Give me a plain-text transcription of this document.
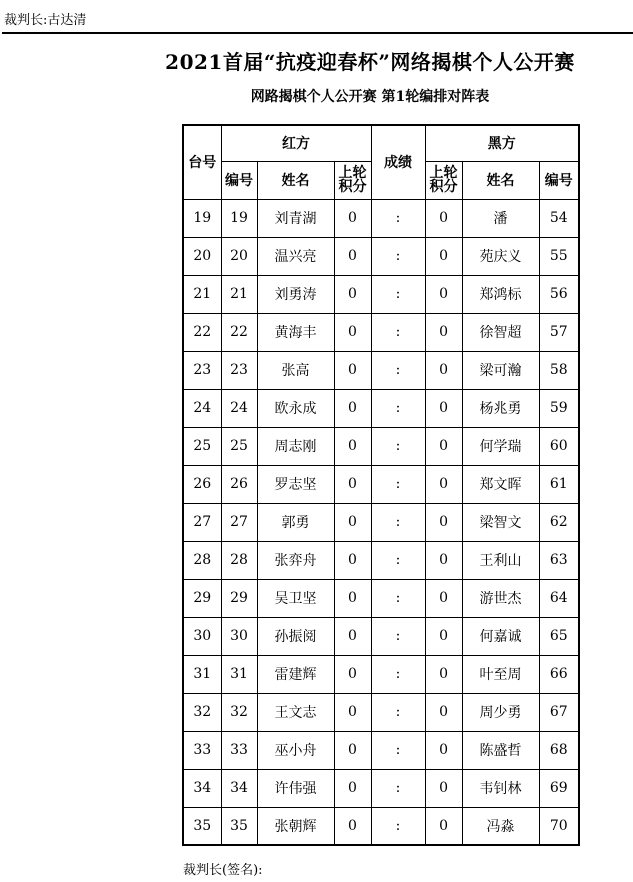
裁判长:古达清
2021首届“抗疫迎春杯”网络揭棋个人公开赛
网路揭棋个人公开赛 第1轮编排对阵表
台号	红方			成绩	黑方		
	编号	姓名	上轮积分		上轮积分	姓名	编号
19	19	刘青湖	0	:	0	潘	54
20	20	温兴亮	0	:	0	苑庆义	55
21	21	刘勇涛	0	:	0	郑鸿标	56
22	22	黄海丰	0	:	0	徐智超	57
23	23	张高	0	:	0	梁可瀚	58
24	24	欧永成	0	:	0	杨兆勇	59
25	25	周志刚	0	:	0	何学瑞	60
26	26	罗志坚	0	:	0	郑文晖	61
27	27	郭勇	0	:	0	梁智文	62
28	28	张弈舟	0	:	0	王利山	63
29	29	吴卫坚	0	:	0	游世杰	64
30	30	孙振阅	0	:	0	何嘉诚	65
31	31	雷建辉	0	:	0	叶至周	66
32	32	王文志	0	:	0	周少勇	67
33	33	巫小舟	0	:	0	陈盛哲	68
34	34	许伟强	0	:	0	韦钊林	69
35	35	张朝辉	0	:	0	冯淼	70
裁判长(签名):
